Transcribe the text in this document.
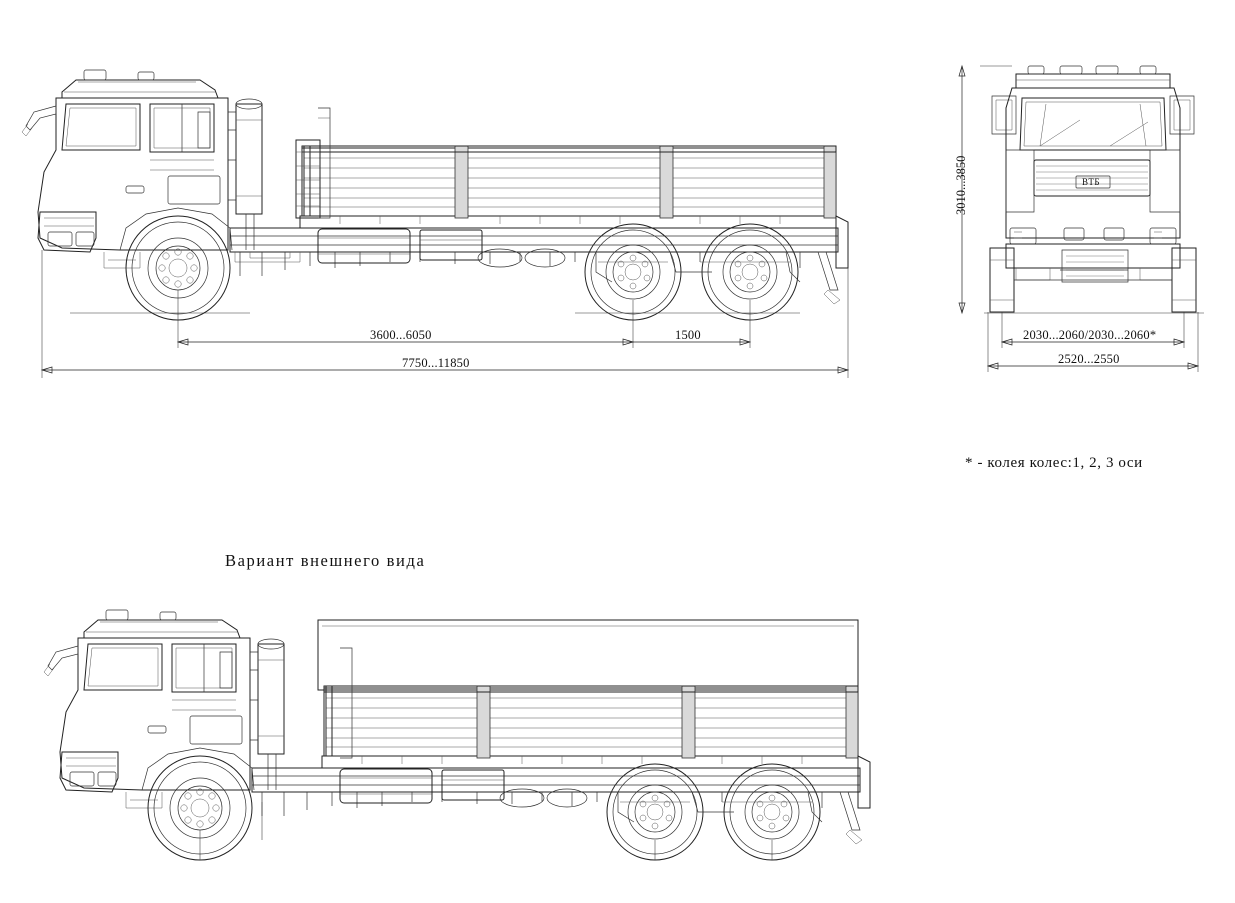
3600...6050	1500
7750...11850
2030...2060/2030...2060*
2520...2550
3010...3850
* - колея колес:1, 2, 3 оси
Вариант внешнего вида
ВТБ
